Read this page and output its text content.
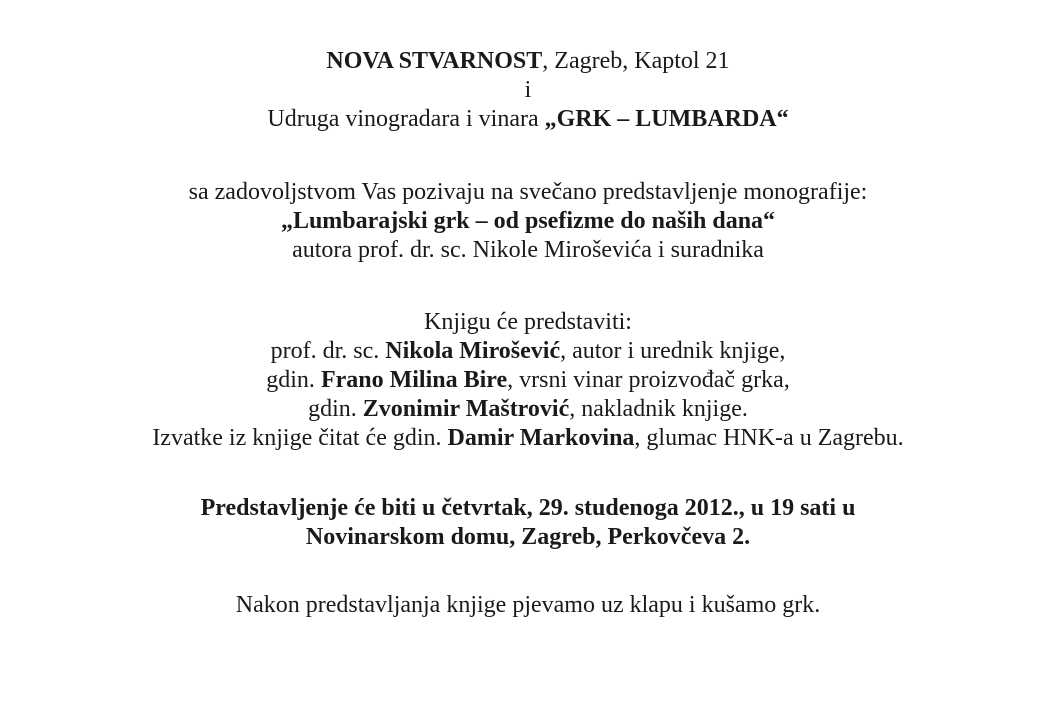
NOVA STVARNOST, Zagreb, Kaptol 21
i
Udruga vinogradara i vinara „GRK – LUMBARDA“
sa zadovoljstvom Vas pozivaju na svečano predstavljenje monografije:
„Lumbarajski grk – od psefizme do naših dana“
autora prof. dr. sc. Nikole Miroševića i suradnika
Knjigu će predstaviti:
prof. dr. sc. Nikola Mirošević, autor i urednik knjige,
gdin. Frano Milina Bire, vrsni vinar proizvođač grka,
gdin. Zvonimir Maštrović, nakladnik knjige.
Izvatke iz knjige čitat će gdin. Damir Markovina, glumac HNK-a u Zagrebu.
Predstavljenje će biti u četvrtak, 29. studenoga 2012., u 19 sati u
Novinarskom domu, Zagreb, Perkovčeva 2.
Nakon predstavljanja knjige pjevamo uz klapu i kušamo grk.
